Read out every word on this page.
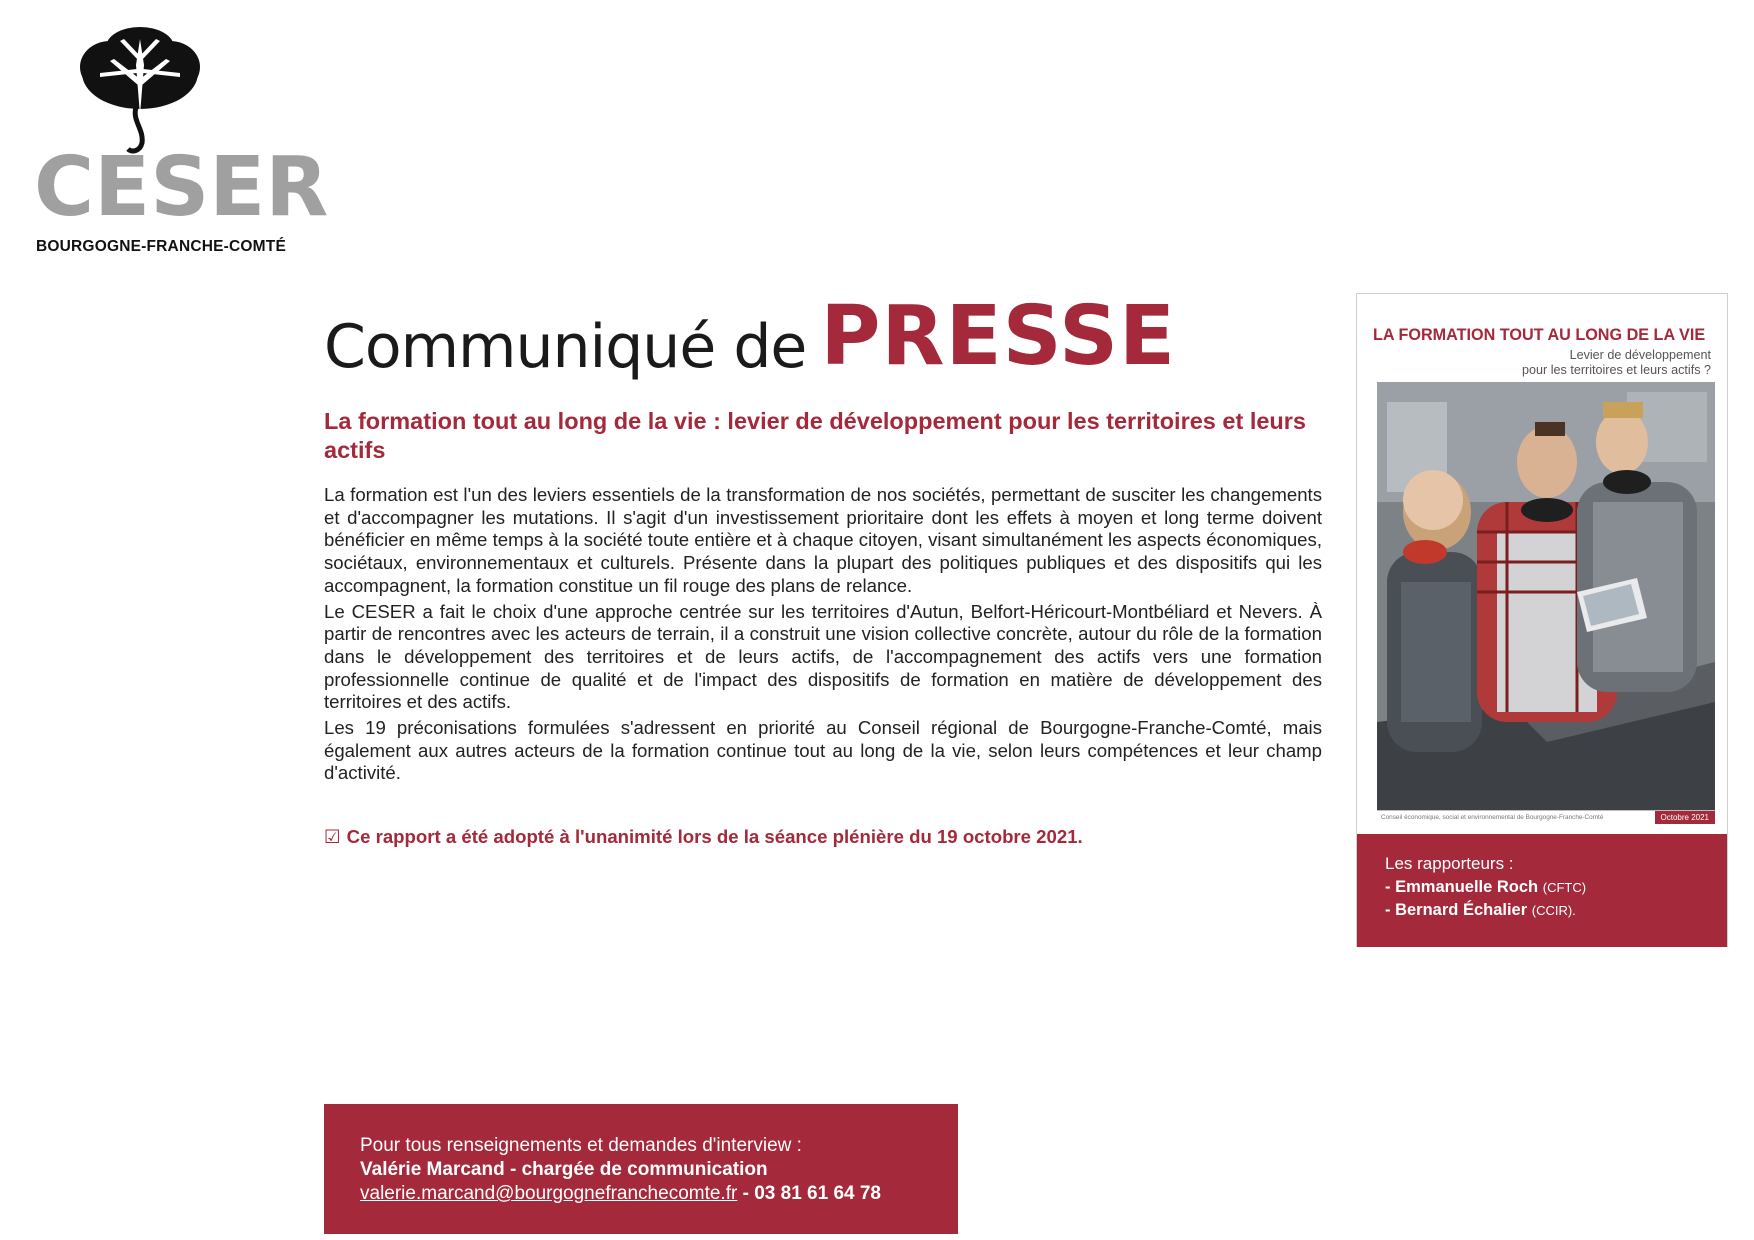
CESER
BOURGOGNE-FRANCHE-COMTÉ
Communiqué de PRESSE
La formation tout au long de la vie : levier de développement pour les territoires et leurs actifs

La formation est l'un des leviers essentiels de la transformation de nos sociétés, permettant de susciter les changements et d'accompagner les mutations. Il s'agit d'un investissement prioritaire dont les effets à moyen et long terme doivent bénéficier en même temps à la société toute entière et à chaque citoyen, visant simultanément les aspects économiques, sociétaux, environnementaux et culturels. Présente dans la plupart des politiques publiques et des dispositifs qui les accompagnent, la formation constitue un fil rouge des plans de relance.

Le CESER a fait le choix d'une approche centrée sur les territoires d'Autun, Belfort-Héricourt-Montbéliard et Nevers. À partir de rencontres avec les acteurs de terrain, il a construit une vision collective concrète, autour du rôle de la formation dans le développement des territoires et de leurs actifs, de l'accompagnement des actifs vers une formation professionnelle continue de qualité et de l'impact des dispositifs de formation en matière de développement des territoires et des actifs.

Les 19 préconisations formulées s'adressent en priorité au Conseil régional de Bourgogne-Franche-Comté, mais également aux autres acteurs de la formation continue tout au long de la vie, selon leurs compétences et leur champ d'activité.

☑ Ce rapport a été adopté à l'unanimité lors de la séance plénière du 19 octobre 2021.
LA FORMATION TOUT AU LONG DE LA VIE
Levier de développement
pour les territoires et leurs actifs ?
Conseil économique, social et environnemental de Bourgogne-Franche-Comté	Octobre 2021
Les rapporteurs :
- Emmanuelle Roch (CFTC)
- Bernard Échalier (CCIR).
Pour tous renseignements et demandes d'interview :
Valérie Marcand - chargée de communication
valerie.marcand@bourgognefranchecomte.fr - 03 81 61 64 78
